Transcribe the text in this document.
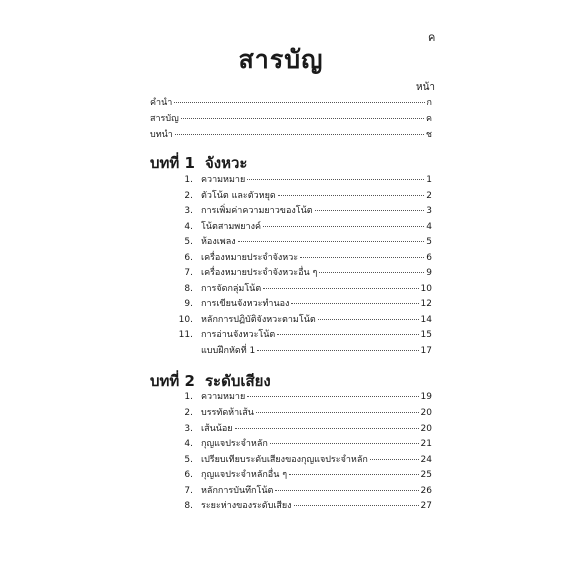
ค
สารบัญ
หน้า
คำนำ	ก
สารบัญ	ค
บทนำ	ช
บทที่ 1 จังหวะ
1. ความหมาย	1
2. ตัวโน้ต และตัวหยุด	2
3. การเพิ่มค่าความยาวของโน้ต	3
4. โน้ตสามพยางค์	4
5. ห้องเพลง	5
6. เครื่องหมายประจำจังหวะ	6
7. เครื่องหมายประจำจังหวะอื่น ๆ	9
8. การจัดกลุ่มโน้ต	10
9. การเขียนจังหวะทำนอง	12
10. หลักการปฏิบัติจังหวะตามโน้ต	14
11. การอ่านจังหวะโน้ต	15
แบบฝึกหัดที่ 1	17
บทที่ 2 ระดับเสียง
1. ความหมาย	19
2. บรรทัดห้าเส้น	20
3. เส้นน้อย	20
4. กุญแจประจำหลัก	21
5. เปรียบเทียบระดับเสียงของกุญแจประจำหลัก	24
6. กุญแจประจำหลักอื่น ๆ	25
7. หลักการบันทึกโน้ต	26
8. ระยะห่างของระดับเสียง	27
